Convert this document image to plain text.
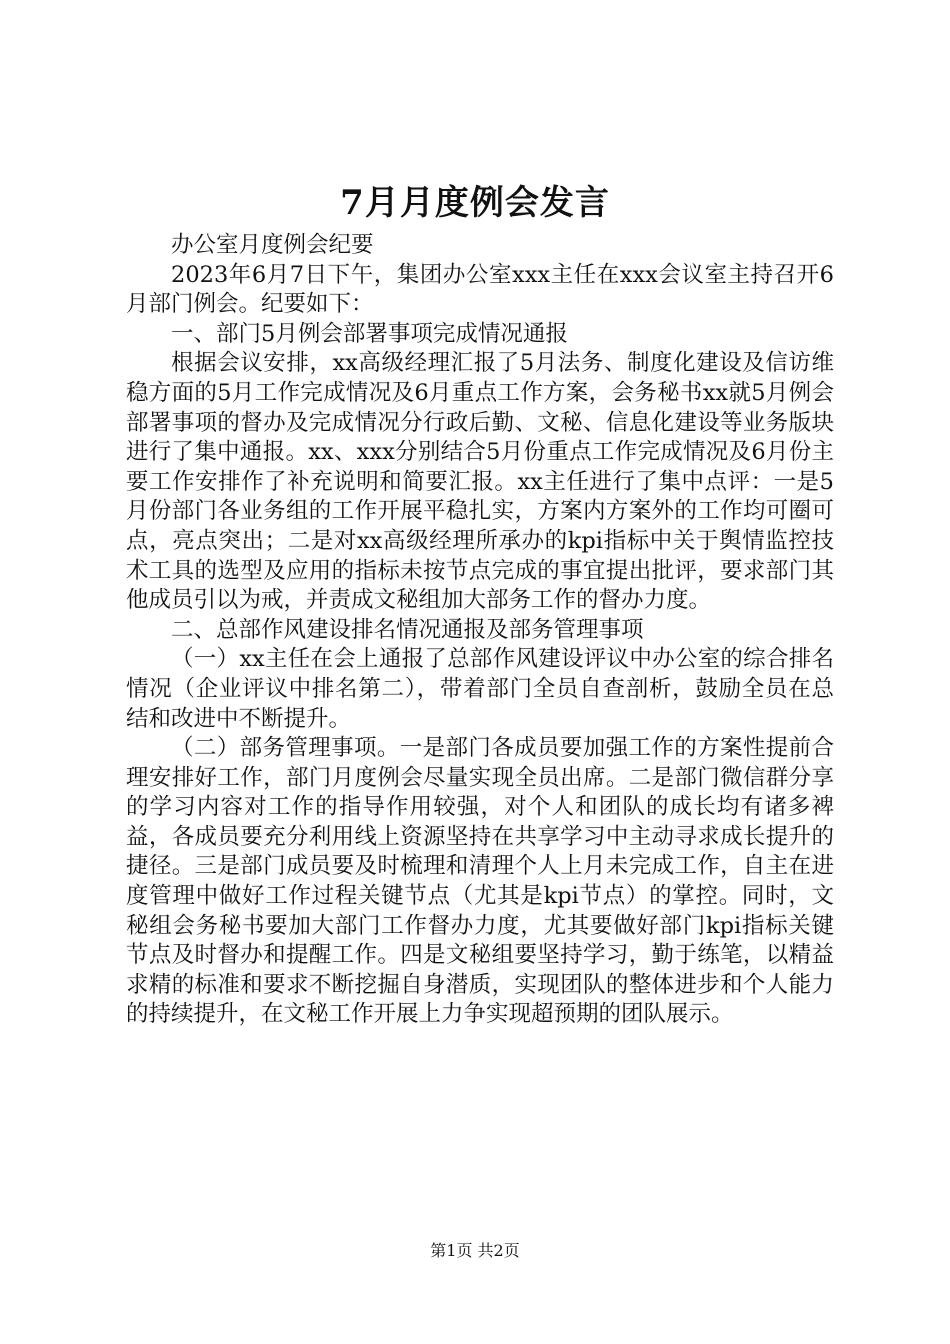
7月月度例会发言

办公室月度例会纪要

2023年6月7日下午，集团办公室xxx主任在xxx会议室主持召开6月部门例会。纪要如下：

一、部门5月例会部署事项完成情况通报

根据会议安排，xx高级经理汇报了5月法务、制度化建设及信访维稳方面的5月工作完成情况及6月重点工作方案，会务秘书xx就5月例会部署事项的督办及完成情况分行政后勤、文秘、信息化建设等业务版块进行了集中通报。xx、xxx分别结合5月份重点工作完成情况及6月份主要工作安排作了补充说明和简要汇报。xx主任进行了集中点评：一是5月份部门各业务组的工作开展平稳扎实，方案内方案外的工作均可圈可点，亮点突出；二是对xx高级经理所承办的kpi指标中关于舆情监控技术工具的选型及应用的指标未按节点完成的事宜提出批评，要求部门其他成员引以为戒，并责成文秘组加大部务工作的督办力度。

二、总部作风建设排名情况通报及部务管理事项

（一）xx主任在会上通报了总部作风建设评议中办公室的综合排名情况（企业评议中排名第二），带着部门全员自查剖析，鼓励全员在总结和改进中不断提升。

（二）部务管理事项。一是部门各成员要加强工作的方案性提前合理安排好工作，部门月度例会尽量实现全员出席。二是部门微信群分享的学习内容对工作的指导作用较强，对个人和团队的成长均有诸多裨益，各成员要充分利用线上资源坚持在共享学习中主动寻求成长提升的捷径。三是部门成员要及时梳理和清理个人上月未完成工作，自主在进度管理中做好工作过程关键节点（尤其是kpi节点）的掌控。同时，文秘组会务秘书要加大部门工作督办力度，尤其要做好部门kpi指标关键节点及时督办和提醒工作。四是文秘组要坚持学习，勤于练笔，以精益求精的标准和要求不断挖掘自身潜质，实现团队的整体进步和个人能力的持续提升，在文秘工作开展上力争实现超预期的团队展示。

第1页 共2页
